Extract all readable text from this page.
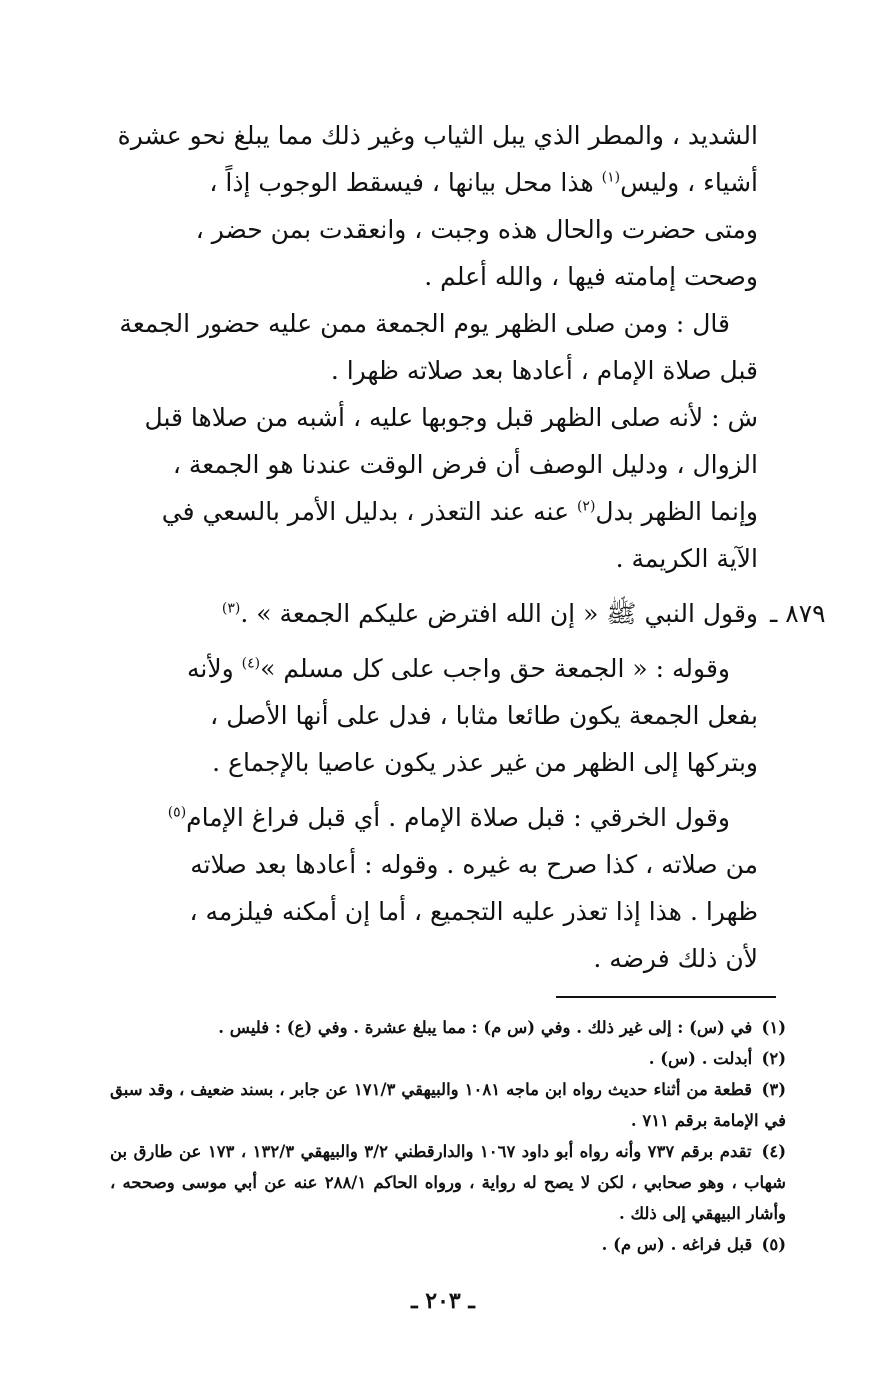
الشديد ، والمطر الذي يبل الثياب وغير ذلك مما يبلغ نحو عشرة
أشياء ، وليس$^{(١)}$ هذا محل بيانها ، فيسقط الوجوب إذاً ،
ومتى حضرت والحال هذه وجبت ، وانعقدت بمن حضر ،
وصحت إمامته فيها ، والله أعلم .

قال : ومن صلى الظهر يوم الجمعة ممن عليه حضور الجمعة
قبل صلاة الإمام ، أعادها بعد صلاته ظهرا .

ش : لأنه صلى الظهر قبل وجوبها عليه ، أشبه من صلاها قبل
الزوال ، ودليل الوصف أن فرض الوقت عندنا هو الجمعة ،
وإنما الظهر بدل$^{(٢)}$ عنه عند التعذر ، بدليل الأمر بالسعي في
الآية الكريمة .

٨٧٩ ـ
وقول النبي ﷺ « إن الله افترض عليكم الجمعة » .$^{(٣)}$

وقوله : « الجمعة حق واجب على كل مسلم »$^{(٤)}$ ولأنه
بفعل الجمعة يكون طائعا مثابا ، فدل على أنها الأصل ،
وبتركها إلى الظهر من غير عذر يكون عاصيا بالإجماع .

وقول الخرقي : قبل صلاة الإمام . أي قبل فراغ الإمام$^{(٥)}$
من صلاته ، كذا صرح به غيره . وقوله : أعادها بعد صلاته
ظهرا . هذا إذا تعذر عليه التجميع ، أما إن أمكنه فيلزمه ،
لأن ذلك فرضه .

(١) في (س) : إلى غير ذلك . وفي (س م) : مما يبلغ عشرة . وفي (ع) : فليس .

(٢) أبدلت . (س) .

(٣) قطعة من أثناء حديث رواه ابن ماجه ١٠٨١ والبيهقي ١٧١/٣ عن جابر ، بسند ضعيف ، وقد سبق في الإمامة برقم ٧١١ .

(٤) تقدم برقم ٧٣٧ وأنه رواه أبو داود ١٠٦٧ والدارقطني ٣/٢ والبيهقي ١٣٢/٣ ، ١٧٣ عن طارق بن شهاب ، وهو صحابي ، لكن لا يصح له رواية ، ورواه الحاكم ٢٨٨/١ عنه عن أبي موسى وصححه ، وأشار البيهقي إلى ذلك .

(٥) قبل فراغه . (س م) .

ـ ٢٠٣ ـ
